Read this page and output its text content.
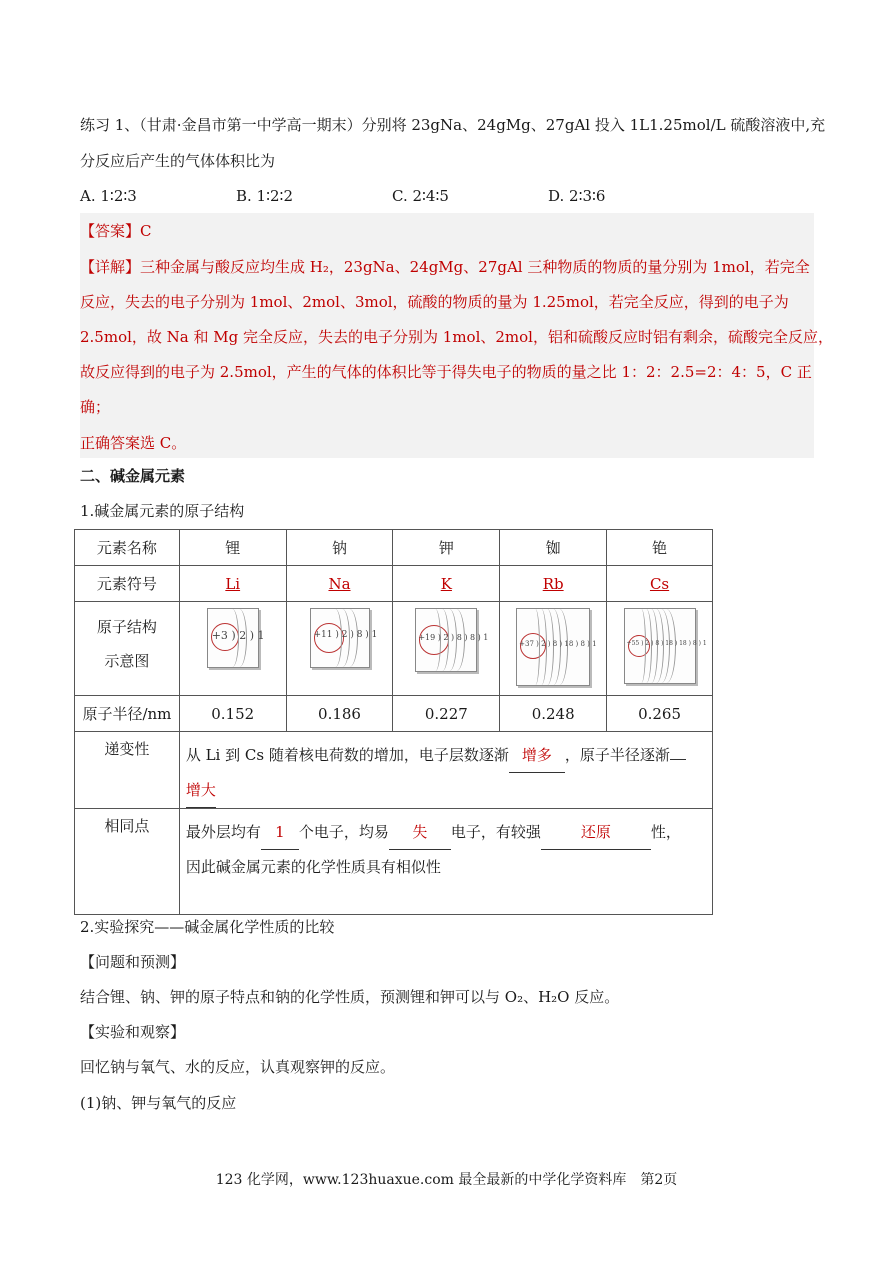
练习 1、（甘肃·金昌市第一中学高一期末）分别将 23gNa、24gMg、27gAl 投入 1L1.25mol/L 硫酸溶液中,充
分反应后产生的气体体积比为
A. 1∶2∶3	B. 1∶2∶2	C. 2∶4∶5	D. 2∶3∶6
【答案】C
【详解】三种金属与酸反应均生成 H₂，23gNa、24gMg、27gAl 三种物质的物质的量分别为 1mol，若完全
反应，失去的电子分别为 1mol、2mol、3mol，硫酸的物质的量为 1.25mol，若完全反应，得到的电子为
2.5mol，故 Na 和 Mg 完全反应，失去的电子分别为 1mol、2mol，铝和硫酸反应时铝有剩余，硫酸完全反应，
故反应得到的电子为 2.5mol，产生的气体的体积比等于得失电子的物质的量之比 1：2：2.5=2：4：5，C 正
确；
正确答案选 C。
二、碱金属元素
1.碱金属元素的原子结构
元素名称	锂	钠	钾	铷	铯
元素符号	Li	Na	K	Rb	Cs
原子结构示意图	+3 ) 2 ) 1	+11 ) 2 ) 8 ) 1	+19 ) 2 ) 8 ) 8 ) 1	+37 ) 2 ) 8 ) 18 ) 8 ) 1	+55 ) 2 ) 8 ) 18 ) 18 ) 8 ) 1

原子半径/nm	0.152	0.186	0.227	0.248	0.265
递变性	从 Li 到 Cs 随着核电荷数的增加，电子层数逐渐 增多 ，原子半径逐渐
增大				
相同点	最外层均有 1 个电子，均易 失 电子，有较强 还原 性，
因此碱金属元素的化学性质具有相似性				
2.实验探究——碱金属化学性质的比较
【问题和预测】
结合锂、钠、钾的原子特点和钠的化学性质，预测锂和钾可以与 O₂、H₂O 反应。
【实验和观察】
回忆钠与氧气、水的反应，认真观察钾的反应。
(1)钠、钾与氧气的反应
123 化学网，www.123huaxue.com 最全最新的中学化学资料库　第2页
